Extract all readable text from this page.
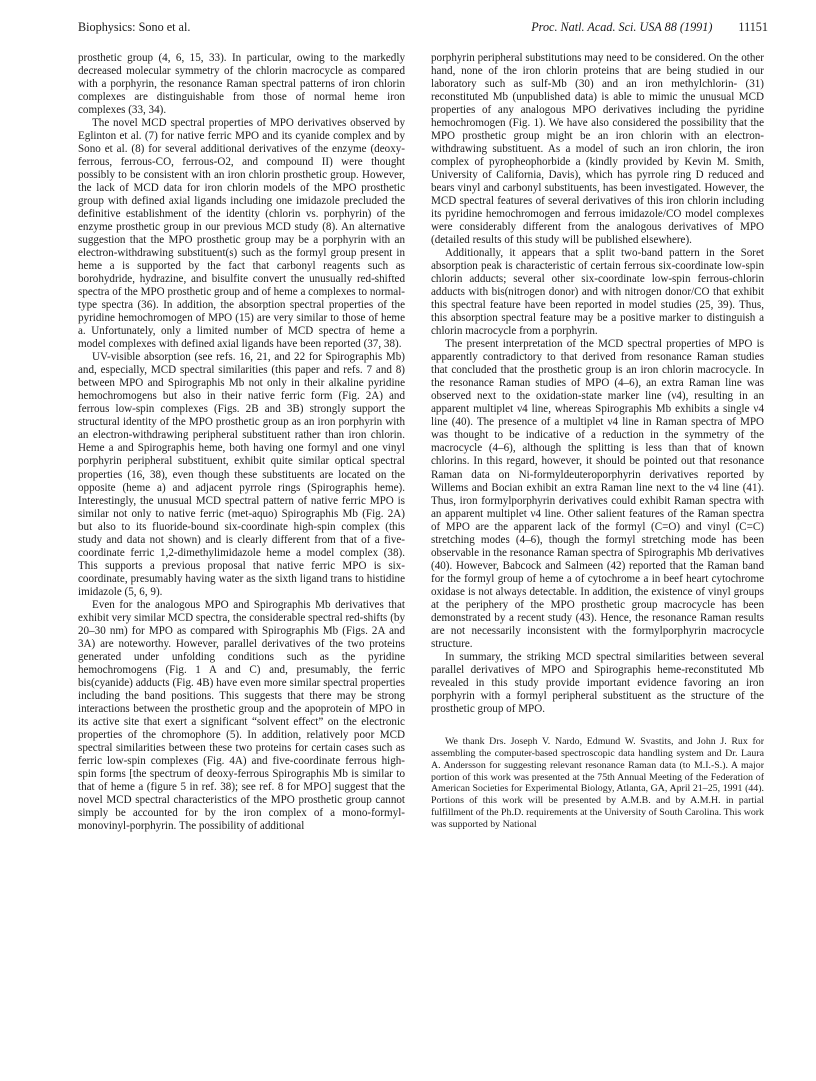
Biophysics: Sono et al.	Proc. Natl. Acad. Sci. USA 88 (1991) 11151

prosthetic group (4, 6, 15, 33). In particular, owing to the markedly decreased molecular symmetry of the chlorin macrocycle as compared with a porphyrin, the resonance Raman spectral patterns of iron chlorin complexes are distinguishable from those of normal heme iron complexes (33, 34).

The novel MCD spectral properties of MPO derivatives observed by Eglinton et al. (7) for native ferric MPO and its cyanide complex and by Sono et al. (8) for several additional derivatives of the enzyme (deoxy-ferrous, ferrous-CO, ferrous-O2, and compound II) were thought possibly to be consistent with an iron chlorin prosthetic group. However, the lack of MCD data for iron chlorin models of the MPO prosthetic group with defined axial ligands including one imidazole precluded the definitive establishment of the identity (chlorin vs. porphyrin) of the enzyme prosthetic group in our previous MCD study (8). An alternative suggestion that the MPO prosthetic group may be a porphyrin with an electron-withdrawing substituent(s) such as the formyl group present in heme a is supported by the fact that carbonyl reagents such as borohydride, hydrazine, and bisulfite convert the unusually red-shifted spectra of the MPO prosthetic group and of heme a complexes to normal-type spectra (36). In addition, the absorption spectral properties of the pyridine hemochromogen of MPO (15) are very similar to those of heme a. Unfortunately, only a limited number of MCD spectra of heme a model complexes with defined axial ligands have been reported (37, 38).

UV-visible absorption (see refs. 16, 21, and 22 for Spirographis Mb) and, especially, MCD spectral similarities (this paper and refs. 7 and 8) between MPO and Spirographis Mb not only in their alkaline pyridine hemochromogens but also in their native ferric form (Fig. 2A) and ferrous low-spin complexes (Figs. 2B and 3B) strongly support the structural identity of the MPO prosthetic group as an iron porphyrin with an electron-withdrawing peripheral substituent rather than iron chlorin. Heme a and Spirographis heme, both having one formyl and one vinyl porphyrin peripheral substituent, exhibit quite similar optical spectral properties (16, 38), even though these substituents are located on the opposite (heme a) and adjacent pyrrole rings (Spirographis heme). Interestingly, the unusual MCD spectral pattern of native ferric MPO is similar not only to native ferric (met-aquo) Spirographis Mb (Fig. 2A) but also to its fluoride-bound six-coordinate high-spin complex (this study and data not shown) and is clearly different from that of a five-coordinate ferric 1,2-dimethylimidazole heme a model complex (38). This supports a previous proposal that native ferric MPO is six-coordinate, presumably having water as the sixth ligand trans to histidine imidazole (5, 6, 9).

Even for the analogous MPO and Spirographis Mb derivatives that exhibit very similar MCD spectra, the considerable spectral red-shifts (by 20–30 nm) for MPO as compared with Spirographis Mb (Figs. 2A and 3A) are noteworthy. However, parallel derivatives of the two proteins generated under unfolding conditions such as the pyridine hemochromogens (Fig. 1 A and C) and, presumably, the ferric bis(cyanide) adducts (Fig. 4B) have even more similar spectral properties including the band positions. This suggests that there may be strong interactions between the prosthetic group and the apoprotein of MPO in its active site that exert a significant “solvent effect” on the electronic properties of the chromophore (5). In addition, relatively poor MCD spectral similarities between these two proteins for certain cases such as ferric low-spin complexes (Fig. 4A) and five-coordinate ferrous high-spin forms [the spectrum of deoxy-ferrous Spirographis Mb is similar to that of heme a (figure 5 in ref. 38); see ref. 8 for MPO] suggest that the novel MCD spectral characteristics of the MPO prosthetic group cannot simply be accounted for by the iron complex of a mono-formyl-monovinyl-porphyrin. The possibility of additional

porphyrin peripheral substitutions may need to be considered. On the other hand, none of the iron chlorin proteins that are being studied in our laboratory such as sulf-Mb (30) and an iron methylchlorin- (31) reconstituted Mb (unpublished data) is able to mimic the unusual MCD properties of any analogous MPO derivatives including the pyridine hemochromogen (Fig. 1). We have also considered the possibility that the MPO prosthetic group might be an iron chlorin with an electron-withdrawing substituent. As a model of such an iron chlorin, the iron complex of pyropheophorbide a (kindly provided by Kevin M. Smith, University of California, Davis), which has pyrrole ring D reduced and bears vinyl and carbonyl substituents, has been investigated. However, the MCD spectral features of several derivatives of this iron chlorin including its pyridine hemochromogen and ferrous imidazole/CO model complexes were considerably different from the analogous derivatives of MPO (detailed results of this study will be published elsewhere).

Additionally, it appears that a split two-band pattern in the Soret absorption peak is characteristic of certain ferrous six-coordinate low-spin chlorin adducts; several other six-coordinate low-spin ferrous-chlorin adducts with bis(nitrogen donor) and with nitrogen donor/CO that exhibit this spectral feature have been reported in model studies (25, 39). Thus, this absorption spectral feature may be a positive marker to distinguish a chlorin macrocycle from a porphyrin.

The present interpretation of the MCD spectral properties of MPO is apparently contradictory to that derived from resonance Raman studies that concluded that the prosthetic group is an iron chlorin macrocycle. In the resonance Raman studies of MPO (4–6), an extra Raman line was observed next to the oxidation-state marker line (ν4), resulting in an apparent multiplet ν4 line, whereas Spirographis Mb exhibits a single ν4 line (40). The presence of a multiplet ν4 line in Raman spectra of MPO was thought to be indicative of a reduction in the symmetry of the macrocycle (4–6), although the splitting is less than that of known chlorins. In this regard, however, it should be pointed out that resonance Raman data on Ni-formyldeuteroporphyrin derivatives reported by Willems and Bocian exhibit an extra Raman line next to the ν4 line (41). Thus, iron formylporphyrin derivatives could exhibit Raman spectra with an apparent multiplet ν4 line. Other salient features of the Raman spectra of MPO are the apparent lack of the formyl (C=O) and vinyl (C=C) stretching modes (4–6), though the formyl stretching mode has been observable in the resonance Raman spectra of Spirographis Mb derivatives (40). However, Babcock and Salmeen (42) reported that the Raman band for the formyl group of heme a of cytochrome a in beef heart cytochrome oxidase is not always detectable. In addition, the existence of vinyl groups at the periphery of the MPO prosthetic group macrocycle has been demonstrated by a recent study (43). Hence, the resonance Raman results are not necessarily inconsistent with the formylporphyrin macrocycle structure.

In summary, the striking MCD spectral similarities between several parallel derivatives of MPO and Spirographis heme-reconstituted Mb revealed in this study provide important evidence favoring an iron porphyrin with a formyl peripheral substituent as the structure of the prosthetic group of MPO.

We thank Drs. Joseph V. Nardo, Edmund W. Svastits, and John J. Rux for assembling the computer-based spectroscopic data handling system and Dr. Laura A. Andersson for suggesting relevant resonance Raman data (to M.I.-S.). A major portion of this work was presented at the 75th Annual Meeting of the Federation of American Societies for Experimental Biology, Atlanta, GA, April 21–25, 1991 (44). Portions of this work will be presented by A.M.B. and by A.M.H. in partial fulfillment of the Ph.D. requirements at the University of South Carolina. This work was supported by National
